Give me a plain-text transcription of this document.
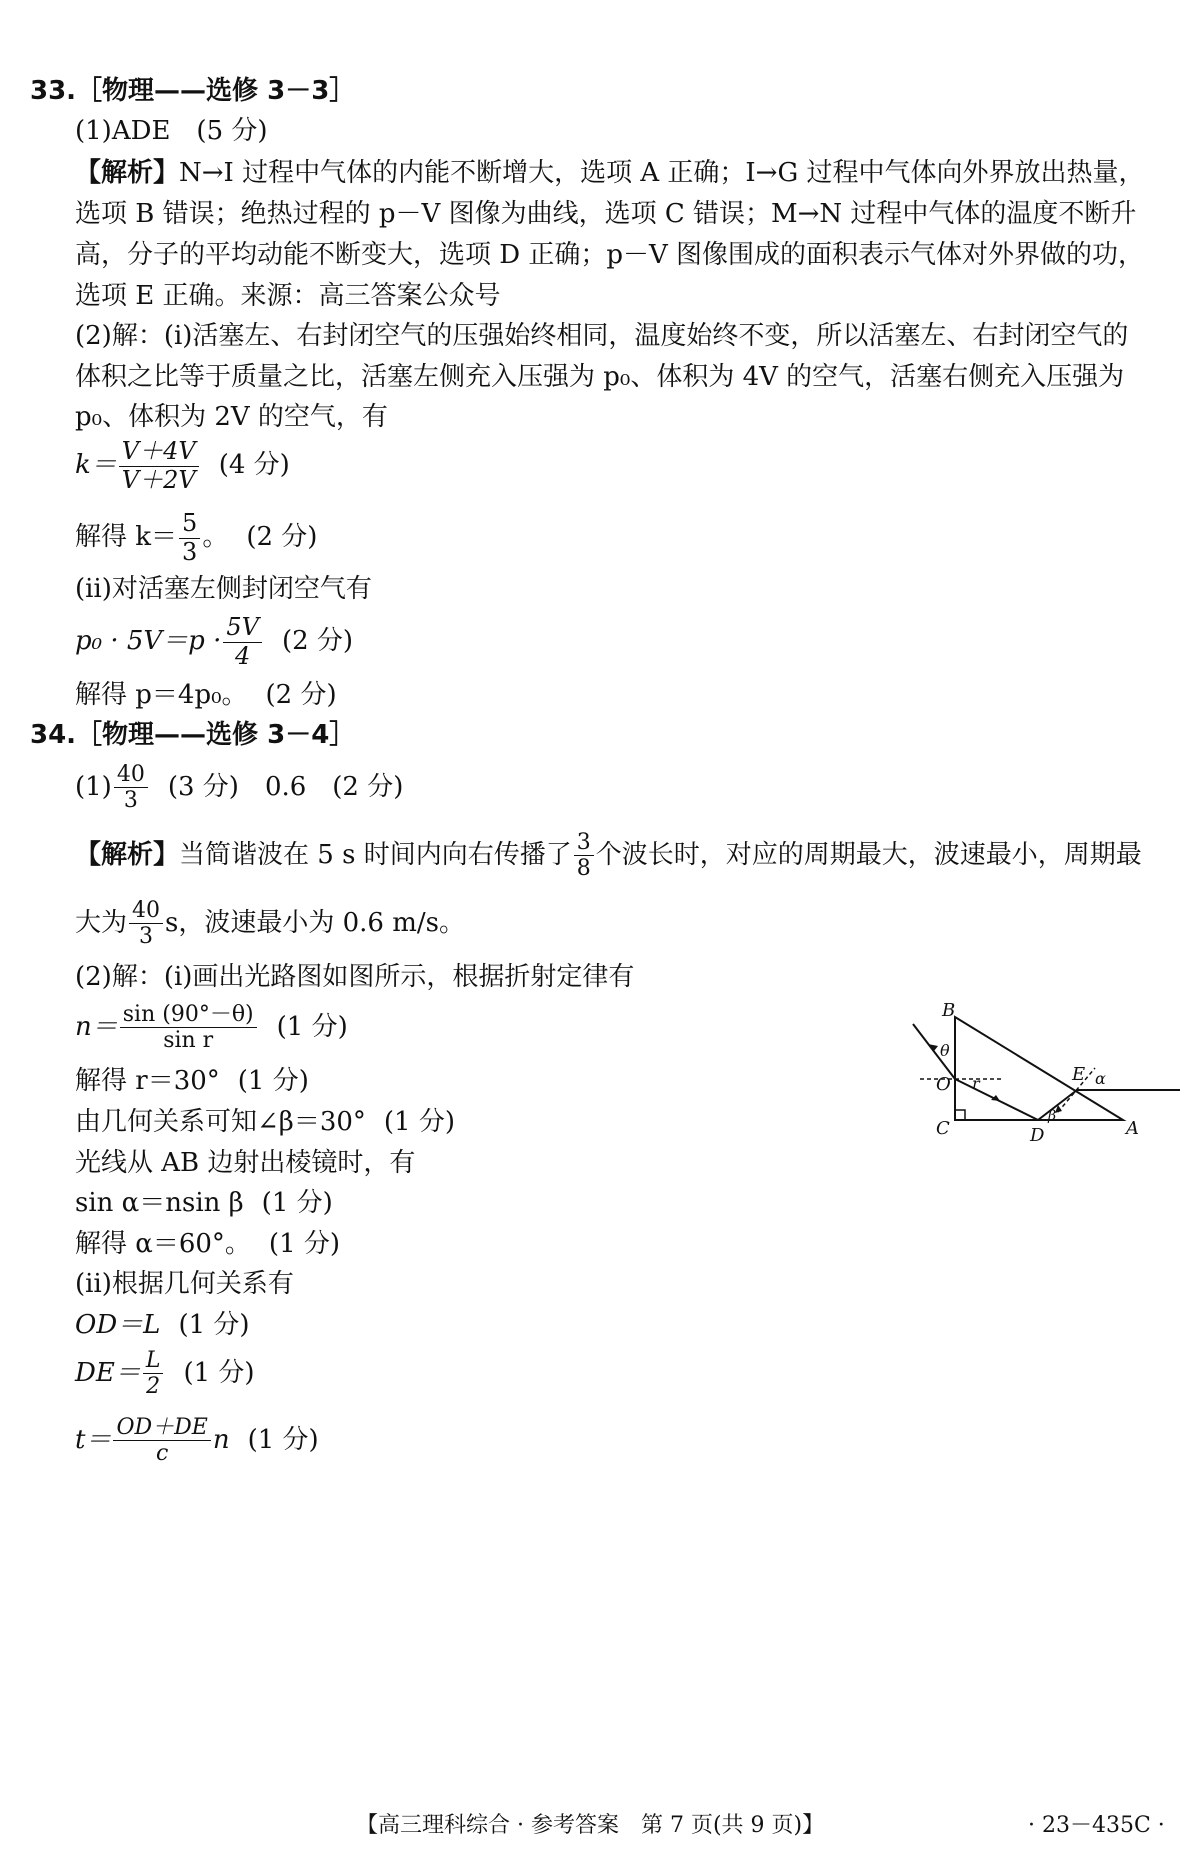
33.［物理——选修 3－3］
(1)ADE　(5 分)
【解析】N→I 过程中气体的内能不断增大，选项 A 正确；I→G 过程中气体向外界放出热量，
选项 B 错误；绝热过程的 p－V 图像为曲线，选项 C 错误；M→N 过程中气体的温度不断升
高，分子的平均动能不断变大，选项 D 正确；p－V 图像围成的面积表示气体对外界做的功，
选项 E 正确。来源：高三答案公众号
(2)解：(ⅰ)活塞左、右封闭空气的压强始终相同，温度始终不变，所以活塞左、右封闭空气的
体积之比等于质量之比，活塞左侧充入压强为 p₀、体积为 4V 的空气，活塞右侧充入压强为
p₀、体积为 2V 的空气，有
$k= \frac{V+4V}{V+2V} (4$ 分)
解得 $k= \frac{5}{3}$ 。 (2 分)
(ⅱ)对活塞左侧封闭空气有
$p_0 \cdot 5V=p \cdot \frac{5V}{4} (2$ 分)
解得 p＝4p₀。 (2 分)
34.［物理——选修 3－4］
$(1) \frac{40}{3} (3$ 分)　0.6　(2 分)
【解析】当简谐波在 5 s 时间内向右传播了 $\frac{3}{8}$ 个波长时，对应的周期最大，波速最小，周期最
大为 $\frac{40}{3}$ s，波速最小为 0.6 m/s。
(2)解：(ⅰ)画出光路图如图所示，根据折射定律有
$n= \frac{\sin (90^\circ-\theta)}{\text{sin r}} (1$ 分)
解得 r＝30° (1 分)
由几何关系可知∠β＝30° (1 分)
光线从 AB 边射出棱镜时，有
sin α＝nsin β (1 分)
解得 α＝60°。 (1 分)
(ⅱ)根据几何关系有
OD＝L (1 分)
$DE= \frac{L}{2} (1$ 分)
$t= \frac{OD+DE}{c}$ n (1 分)
B
C	D	A
O	E
θ
r
β
α
【高三理科综合 · 参考答案　第 7 页(共 9 页)】	· 23－435C ·
